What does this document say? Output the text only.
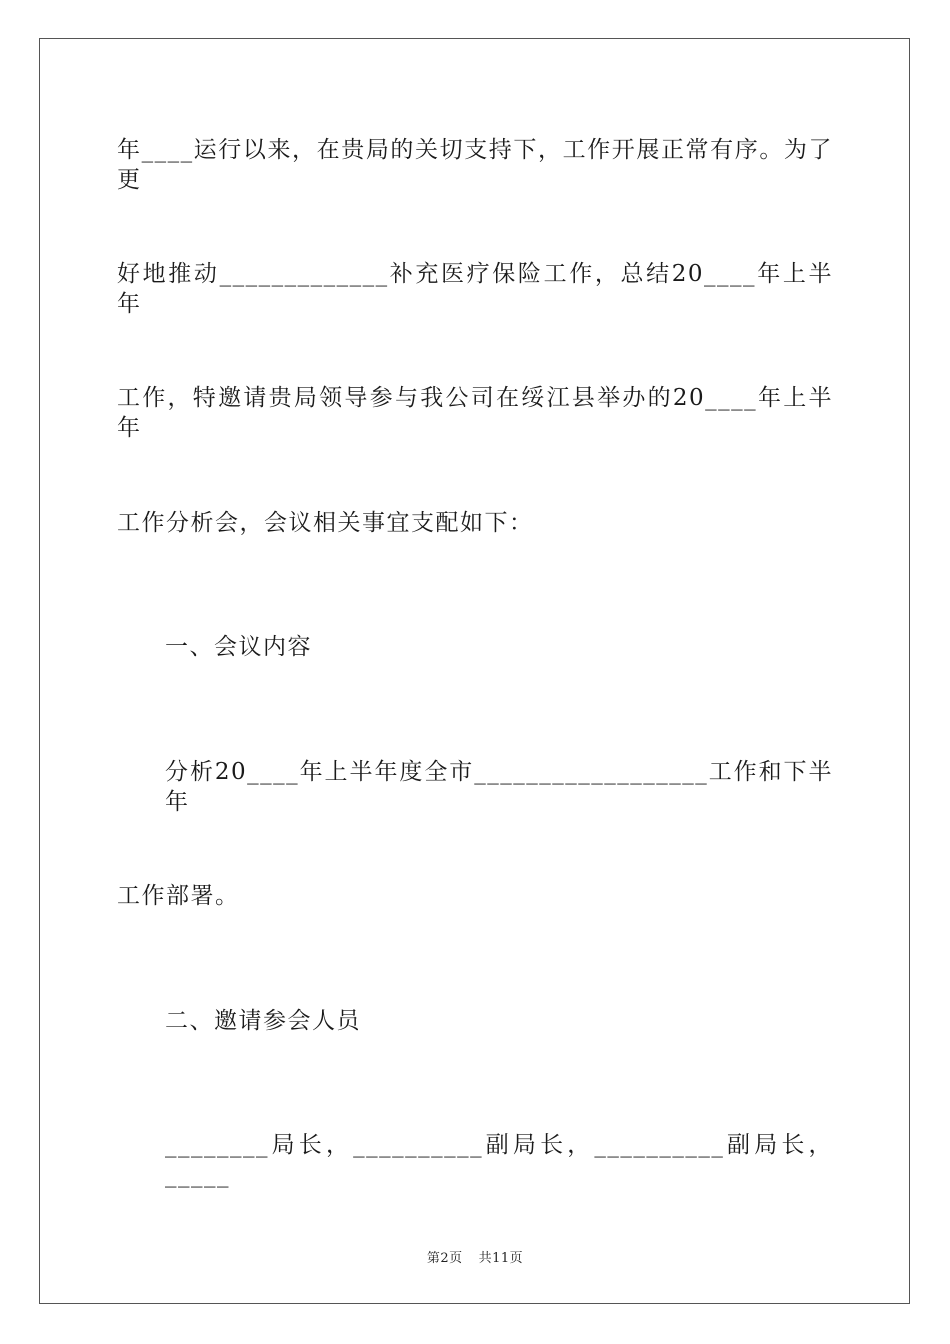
年____运行以来，在贵局的关切支持下，工作开展正常有序。为了更
好地推动_____________补充医疗保险工作，总结20____年上半年
工作，特邀请贵局领导参与我公司在绥江县举办的20____年上半年
工作分析会，会议相关事宜支配如下：
一、会议内容
分析20____年上半年度全市__________________工作和下半年
工作部署。
二、邀请参会人员
________局长，__________副局长，__________副局长，_____
第2页 共11页
